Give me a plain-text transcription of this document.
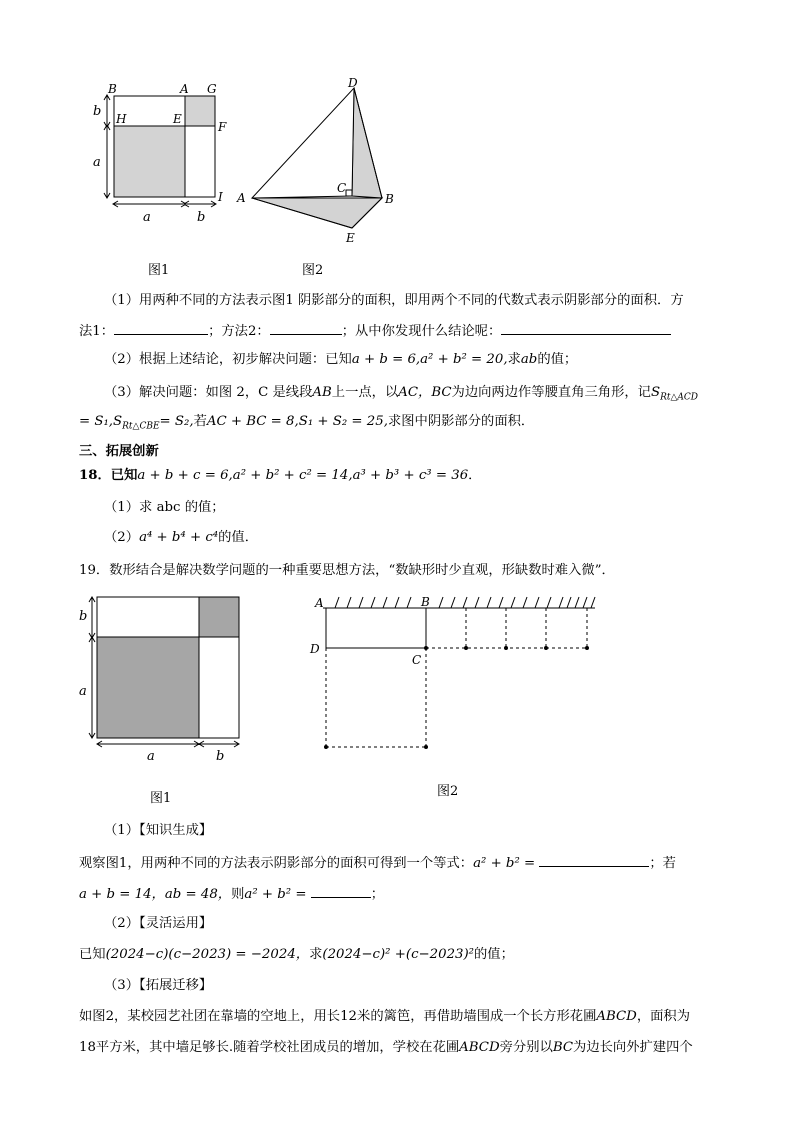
B	A G
H	E
F
I
b
a
a	b
图1
D
A	B
C
E
图2
（1）用两种不同的方法表示图1 阴影部分的面积，即用两个不同的代数式表示阴影部分的面积．方
法1：	；方法2：	；从中你发现什么结论呢：
（2）根据上述结论，初步解决问题：已知a + b = 6,a² + b² = 20,求ab的值；
（3）解决问题：如图 2，C 是线段AB上一点，以AC，BC为边向两边作等腰直角三角形，记$S_{Rt\triangle ACD}$
= $S_1,S_{Rt\triangle CBE}= S_2$,若AC + BC = 8,S₁ + S₂ = 25,求图中阴影部分的面积．
三、拓展创新
18．已知a + b + c = 6,a² + b² + c² = 14,a³ + b³ + c³ = 36．
（1）求 abc 的值；
（2）a⁴ + b⁴ + c⁴的值．
19．数形结合是解决数学问题的一种重要思想方法，“数缺形时少直观，形缺数时难入微”．
b
a
a	b
图1
A	B
D
C
图2
（1）【知识生成】
观察图1，用两种不同的方法表示阴影部分的面积可得到一个等式：a² + b² =	；若
a + b = 14，ab = 48，则a² + b² =	；
（2）【灵活运用】
已知(2024−c)(c−2023) = −2024，求(2024−c)² +(c−2023)²的值；
（3）【拓展迁移】
如图2，某校园艺社团在靠墙的空地上，用长12米的篱笆，再借助墙围成一个长方形花圃ABCD，面积为
18平方米，其中墙足够长.随着学校社团成员的增加，学校在花圃ABCD旁分别以BC为边长向外扩建四个
